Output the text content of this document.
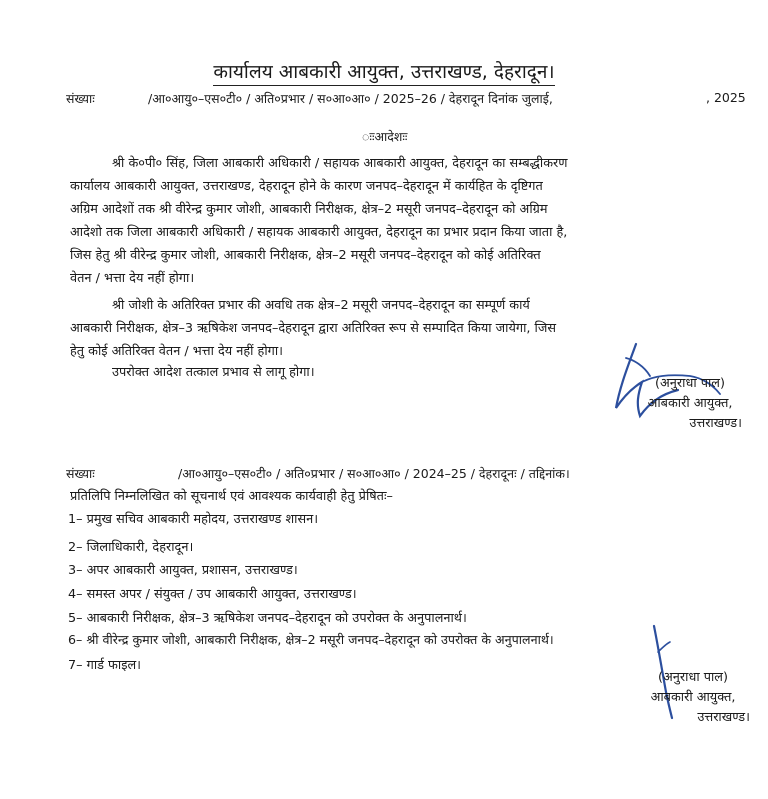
कार्यालय आबकारी आयुक्त, उत्तराखण्ड, देहरादून।
संख्याः	/आ०आयु०–एस०टी० / अति०प्रभार / स०आ०आ० / 2025–26 / देहरादून दिनांक जुलाई,	, 2025
ःःआदेशःः
श्री के०पी० सिंह, जिला आबकारी अधिकारी / सहायक आबकारी आयुक्त, देहरादून का सम्बद्धीकरण
कार्यालय आबकारी आयुक्त, उत्तराखण्ड, देहरादून होने के कारण जनपद–देहरादून में कार्यहित के दृष्टिगत
अग्रिम आदेशों तक श्री वीरेन्द्र कुमार जोशी, आबकारी निरीक्षक, क्षेत्र–2 मसूरी जनपद–देहरादून को अग्रिम
आदेशो तक जिला आबकारी अधिकारी / सहायक आबकारी आयुक्त, देहरादून का प्रभार प्रदान किया जाता है,
जिस हेतु श्री वीरेन्द्र कुमार जोशी, आबकारी निरीक्षक, क्षेत्र–2 मसूरी जनपद–देहरादून को कोई अतिरिक्त
वेतन / भत्ता देय नहीं होगा।
श्री जोशी के अतिरिक्त प्रभार की अवधि तक क्षेत्र–2 मसूरी जनपद–देहरादून का सम्पूर्ण कार्य
आबकारी निरीक्षक, क्षेत्र–3 ऋषिकेश जनपद–देहरादून द्वारा अतिरिक्त रूप से सम्पादित किया जायेगा, जिस
हेतु कोई अतिरिक्त वेतन / भत्ता देय नहीं होगा।
उपरोक्त आदेश तत्काल प्रभाव से लागू होगा।
(अनुराधा पाल)
आबकारी आयुक्त,
उत्तराखण्ड।
संख्याः	/आ०आयु०–एस०टी० / अति०प्रभार / स०आ०आ० / 2024–25 / देहरादूनः / तद्दिनांक।
प्रतिलिपि निम्नलिखित को सूचनार्थ एवं आवश्यक कार्यवाही हेतु प्रेषितः–
1– प्रमुख सचिव आबकारी महोदय, उत्तराखण्ड शासन।
2– जिलाधिकारी, देहरादून।
3– अपर आबकारी आयुक्त, प्रशासन, उत्तराखण्ड।
4– समस्त अपर / संयुक्त / उप आबकारी आयुक्त, उत्तराखण्ड।
5– आबकारी निरीक्षक, क्षेत्र–3 ऋषिकेश जनपद–देहरादून को उपरोक्त के अनुपालनार्थ।
6– श्री वीरेन्द्र कुमार जोशी, आबकारी निरीक्षक, क्षेत्र–2 मसूरी जनपद–देहरादून को उपरोक्त के अनुपालनार्थ।
7– गार्ड फाइल।
(अनुराधा पाल)
आबकारी आयुक्त,
उत्तराखण्ड।
